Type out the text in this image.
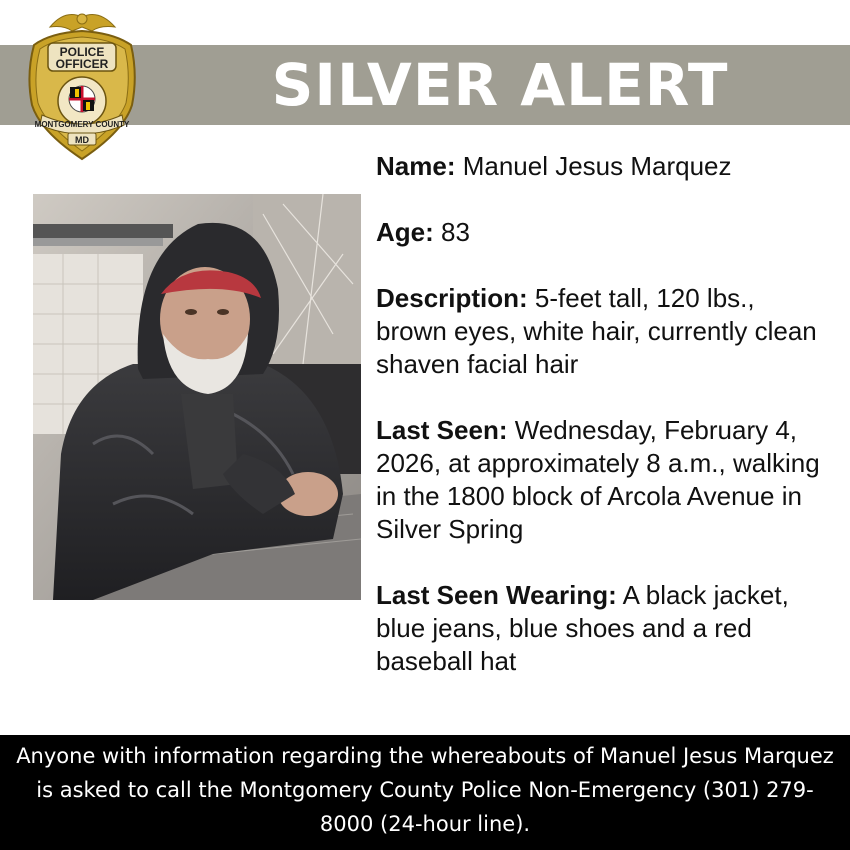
SILVER ALERT
POLICE
OFFICER
MONTGOMERY COUNTY
MD

Name: Manuel Jesus Marquez

Age: 83

Description: 5-feet tall, 120 lbs., brown eyes, white hair, currently clean shaven facial hair

Last Seen: Wednesday, February 4, 2026, at approximately 8 a.m., walking in the 1800 block of Arcola Avenue in Silver Spring

Last Seen Wearing: A black jacket, blue jeans, blue shoes and a red baseball hat

Anyone with information regarding the whereabouts of Manuel Jesus Marquez is asked to call the Montgomery County Police Non-Emergency (301) 279-8000 (24-hour line).
